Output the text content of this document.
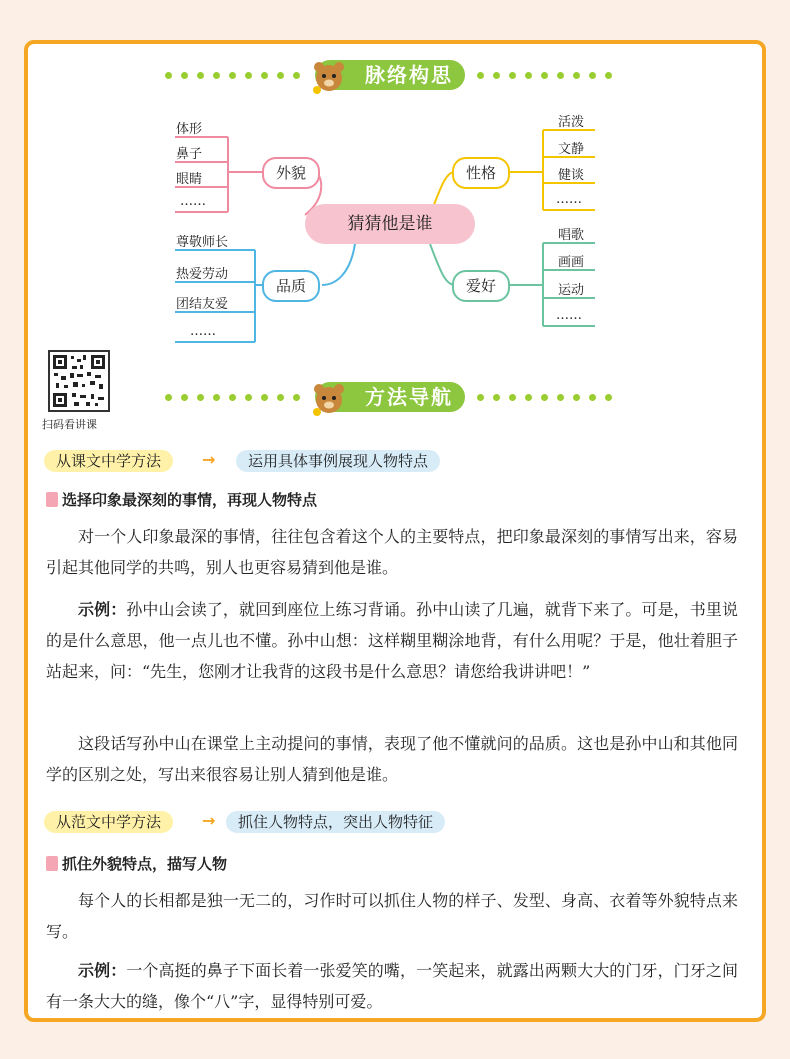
脉络构思
猜猜他是谁
外貌
体形
鼻子
眼睛
……
品质
尊敬师长
热爱劳动
团结友爱
……
性格
活泼
文静
健谈
……
爱好
唱歌
画画
运动
……
扫码看讲课
方法导航
从课文中学方法	→	运用具体事例展现人物特点
选择印象最深刻的事情，再现人物特点
对一个人印象最深的事情，往往包含着这个人的主要特点，把印象最深刻的事情写出来，容易引起其他同学的共鸣，别人也更容易猜到他是谁。
示例：孙中山会读了，就回到座位上练习背诵。孙中山读了几遍，就背下来了。可是，书里说的是什么意思，他一点儿也不懂。孙中山想：这样糊里糊涂地背，有什么用呢？于是，他壮着胆子站起来，问：“先生，您刚才让我背的这段书是什么意思？请您给我讲讲吧！”
这段话写孙中山在课堂上主动提问的事情，表现了他不懂就问的品质。这也是孙中山和其他同学的区别之处，写出来很容易让别人猜到他是谁。
从范文中学方法	→	抓住人物特点，突出人物特征
抓住外貌特点，描写人物
每个人的长相都是独一无二的，习作时可以抓住人物的样子、发型、身高、衣着等外貌特点来写。
示例：一个高挺的鼻子下面长着一张爱笑的嘴，一笑起来，就露出两颗大大的门牙，门牙之间有一条大大的缝，像个“八”字，显得特别可爱。
